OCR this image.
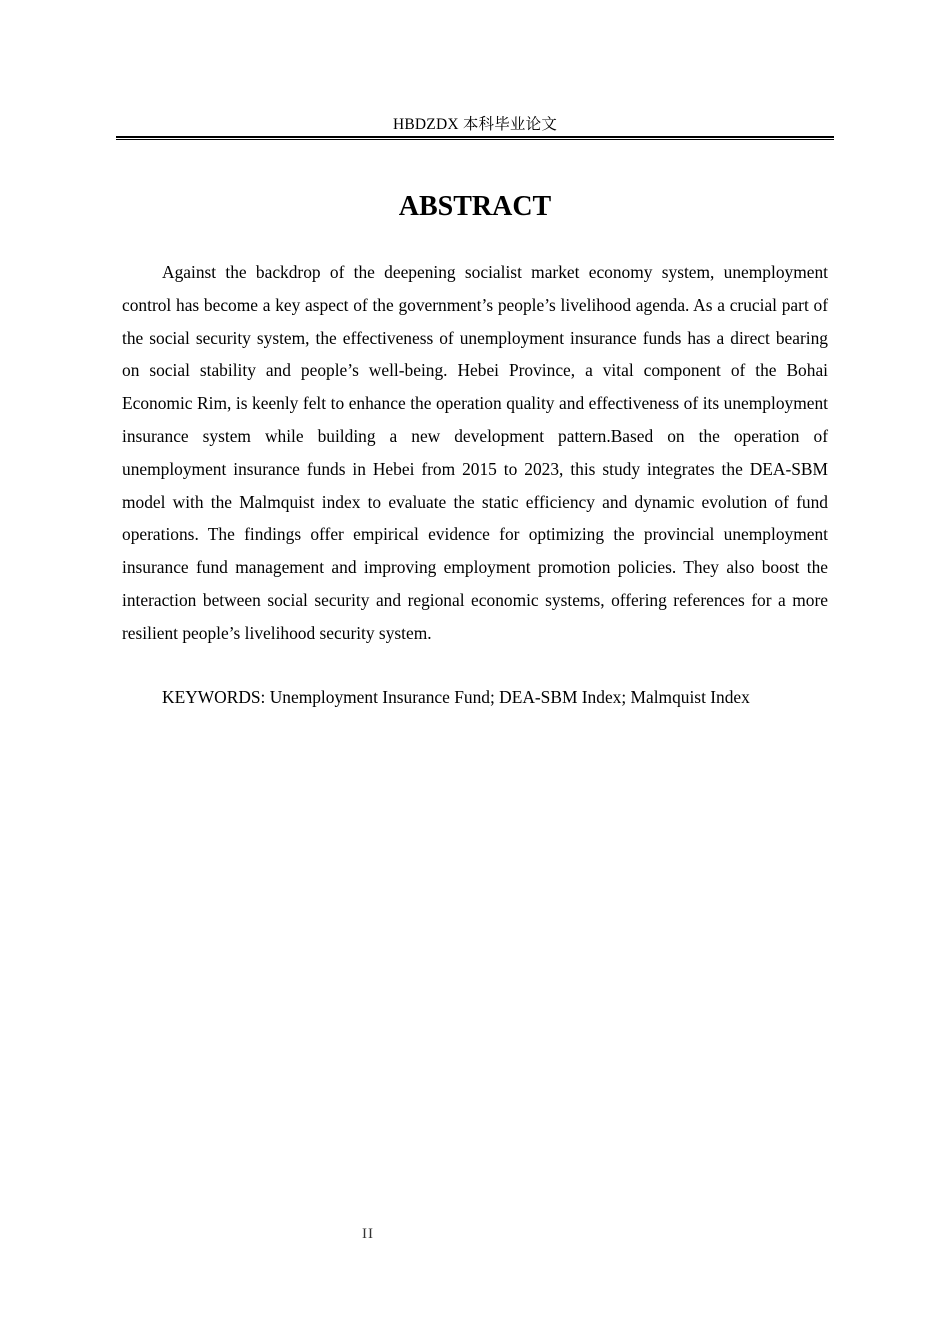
HBDZDX 本科毕业论文
ABSTRACT

Against the backdrop of the deepening socialist market economy system, unemployment control has become a key aspect of the government’s people’s livelihood agenda. As a crucial part of the social security system, the effectiveness of unemployment insurance funds has a direct bearing on social stability and people’s well-being. Hebei Province, a vital component of the Bohai Economic Rim, is keenly felt to enhance the operation quality and effectiveness of its unemployment insurance system while building a new development pattern.Based on the operation of unemployment insurance funds in Hebei from 2015 to 2023, this study integrates the DEA-SBM model with the Malmquist index to evaluate the static efficiency and dynamic evolution of fund operations. The findings offer empirical evidence for optimizing the provincial unemployment insurance fund management and improving employment promotion policies. They also boost the interaction between social security and regional economic systems, offering references for a more resilient people’s livelihood security system.

KEYWORDS: Unemployment Insurance Fund; DEA-SBM Index; Malmquist Index

II
